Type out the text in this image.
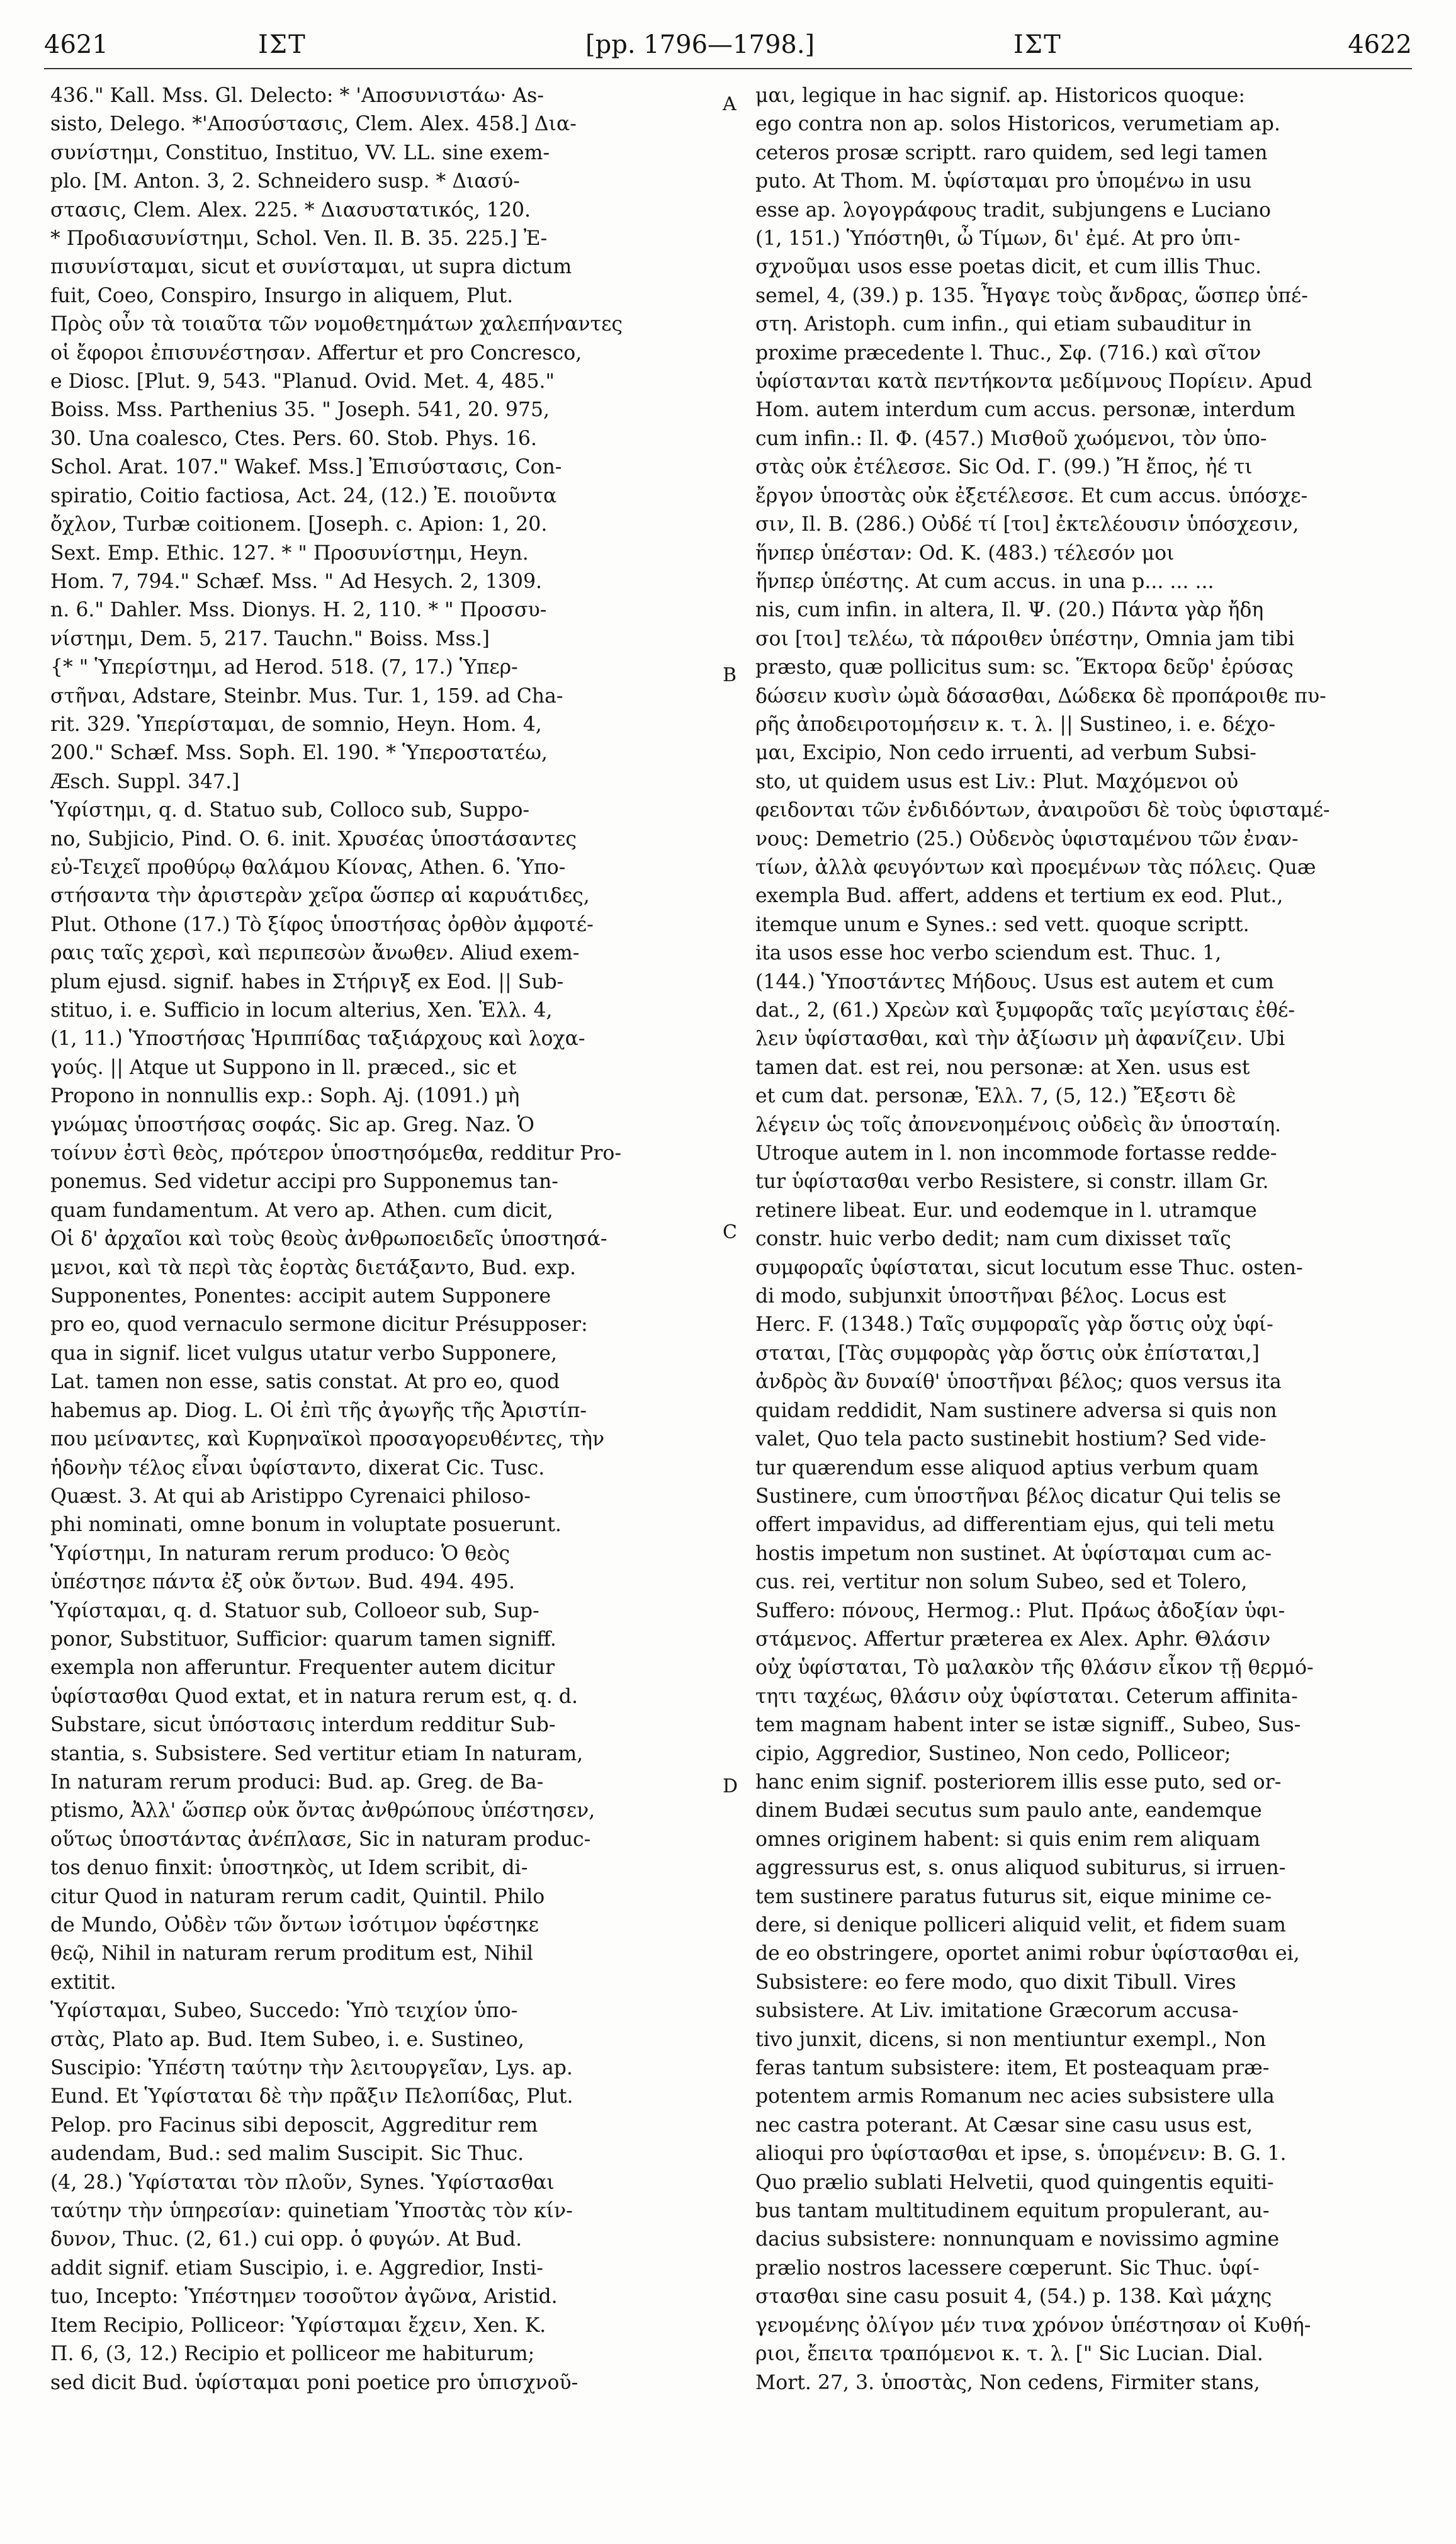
4621	ΙΣΤ	[pp. 1796—1798.]	ΙΣΤ	4622
A
B
C
D
436." Kall. Mss. Gl. Delecto: * 'Αποσυνιστάω· As-
sisto, Delego. *'Αποσύστασις, Clem. Alex. 458.] Δια-
συνίστημι, Constituo, Instituo, VV. LL. sine exem-
plo. [M. Anton. 3, 2. Schneidero susp. * Διασύ-
στασις, Clem. Alex. 225. * Διασυστατικός, 120.
* Προδιασυνίστημι, Schol. Ven. Il. B. 35. 225.] Ἐ-
πισυνίσταμαι, sicut et συνίσταμαι, ut supra dictum
fuit, Coeo, Conspiro, Insurgo in aliquem, Plut.
Πρὸς οὖν τὰ τοιαῦτα τῶν νομοθετημάτων χαλεπήναντες
οἱ ἔφοροι ἐπισυνέστησαν. Affertur et pro Concresco,
e Diosc. [Plut. 9, 543. "Planud. Ovid. Met. 4, 485."
Boiss. Mss. Parthenius 35. " Joseph. 541, 20. 975,
30. Una coalesco, Ctes. Pers. 60. Stob. Phys. 16.
Schol. Arat. 107." Wakef. Mss.] Ἐπισύστασις, Con-
spiratio, Coitio factiosa, Act. 24, (12.) Ἐ. ποιοῦντα
ὄχλον, Turbæ coitionem. [Joseph. c. Apion: 1, 20.
Sext. Emp. Ethic. 127. * " Προσυνίστημι, Heyn.
Hom. 7, 794." Schæf. Mss. " Ad Hesych. 2, 1309.
n. 6." Dahler. Mss. Dionys. H. 2, 110. * " Προσσυ-
νίστημι, Dem. 5, 217. Tauchn." Boiss. Mss.]
{* " Ὑπερίστημι, ad Herod. 518. (7, 17.) Ὑπερ-
στῆναι, Adstare, Steinbr. Mus. Tur. 1, 159. ad Cha-
rit. 329. Ὑπερίσταμαι, de somnio, Heyn. Hom. 4,
200." Schæf. Mss. Soph. El. 190. * Ὑπεροστατέω,
Æsch. Suppl. 347.]
Ὑφίστημι, q. d. Statuo sub, Colloco sub, Suppo-
no, Subjicio, Pind. O. 6. init. Χρυσέας ὑποστάσαντες
εὐ-Τειχεῖ προθύρῳ θαλάμου Κίονας, Athen. 6. Ὑπο-
στήσαντα τὴν ἀριστερὰν χεῖρα ὥσπερ αἱ καρυάτιδες,
Plut. Othone (17.) Τὸ ξίφος ὑποστήσας ὀρθὸν ἀμφοτέ-
ραις ταῖς χερσὶ, καὶ περιπεσὼν ἄνωθεν. Aliud exem-
plum ejusd. signif. habes in Στήριγξ ex Eod. || Sub-
stituo, i. e. Sufficio in locum alterius, Xen. Ἑλλ. 4,
(1, 11.) Ὑποστήσας Ἡριππίδας ταξιάρχους καὶ λοχα-
γούς. || Atque ut Suppono in ll. præced., sic et
Propono in nonnullis exp.: Soph. Aj. (1091.) μὴ
γνώμας ὑποστήσας σοφάς. Sic ap. Greg. Naz. Ὁ
τοίνυν ἐστὶ θεὸς, πρότερον ὑποστησόμεθα, redditur Pro-
ponemus. Sed videtur accipi pro Supponemus tan-
quam fundamentum. At vero ap. Athen. cum dicit,
Οἱ δ' ἀρχαῖοι καὶ τοὺς θεοὺς ἀνθρωποειδεῖς ὑποστησά-
μενοι, καὶ τὰ περὶ τὰς ἑορτὰς διετάξαντο, Bud. exp.
Supponentes, Ponentes: accipit autem Supponere
pro eo, quod vernaculo sermone dicitur Présupposer:
qua in signif. licet vulgus utatur verbo Supponere,
Lat. tamen non esse, satis constat. At pro eo, quod
habemus ap. Diog. L. Οἱ ἐπὶ τῆς ἀγωγῆς τῆς Ἀριστίπ-
που μείναντες, καὶ Κυρηναϊκοὶ προσαγορευθέντες, τὴν
ἡδονὴν τέλος εἶναι ὑφίσταντο, dixerat Cic. Tusc.
Quæst. 3. At qui ab Aristippo Cyrenaici philoso-
phi nominati, omne bonum in voluptate posuerunt.
Ὑφίστημι, In naturam rerum produco: Ὁ θεὸς
ὑπέστησε πάντα ἐξ οὐκ ὄντων. Bud. 494. 495.
Ὑφίσταμαι, q. d. Statuor sub, Colloeor sub, Sup-
ponor, Substituor, Sufficior: quarum tamen signiff.
exempla non afferuntur. Frequenter autem dicitur
ὑφίστασθαι Quod extat, et in natura rerum est, q. d.
Substare, sicut ὑπόστασις interdum redditur Sub-
stantia, s. Subsistere. Sed vertitur etiam In naturam,
In naturam rerum produci: Bud. ap. Greg. de Ba-
ptismo, Ἀλλ' ὥσπερ οὐκ ὄντας ἀνθρώπους ὑπέστησεν,
οὕτως ὑποστάντας ἀνέπλασε, Sic in naturam produc-
tos denuo finxit: ὑποστηκὸς, ut Idem scribit, di-
citur Quod in naturam rerum cadit, Quintil. Philo
de Mundo, Οὐδὲν τῶν ὄντων ἰσότιμον ὑφέστηκε
θεῷ, Nihil in naturam rerum proditum est, Nihil
extitit.
Ὑφίσταμαι, Subeo, Succedo: Ὑπὸ τειχίον ὑπο-
στὰς, Plato ap. Bud. Item Subeo, i. e. Sustineo,
Suscipio: Ὑπέστη ταύτην τὴν λειτουργεῖαν, Lys. ap.
Eund. Et Ὑφίσταται δὲ τὴν πρᾶξιν Πελοπίδας, Plut.
Pelop. pro Facinus sibi deposcit, Aggreditur rem
audendam, Bud.: sed malim Suscipit. Sic Thuc.
(4, 28.) Ὑφίσταται τὸν πλοῦν, Synes. Ὑφίστασθαι
ταύτην τὴν ὑπηρεσίαν: quinetiam Ὑποστὰς τὸν κίν-
δυνον, Thuc. (2, 61.) cui opp. ὁ φυγών. At Bud.
addit signif. etiam Suscipio, i. e. Aggredior, Insti-
tuo, Incepto: Ὑπέστημεν τοσοῦτον ἀγῶνα, Aristid.
Item Recipio, Polliceor: Ὑφίσταμαι ἔχειν, Xen. K.
Π. 6, (3, 12.) Recipio et polliceor me habiturum;
sed dicit Bud. ὑφίσταμαι poni poetice pro ὑπισχνοῦ-
μαι, legique in hac signif. ap. Historicos quoque:
ego contra non ap. solos Historicos, verumetiam ap.
ceteros prosæ scriptt. raro quidem, sed legi tamen
puto. At Thom. M. ὑφίσταμαι pro ὑπομένω in usu
esse ap. λογογράφους tradit, subjungens e Luciano
(1, 151.) Ὑπόστηθι, ὦ Τίμων, δι' ἐμέ. At pro ὑπι-
σχνοῦμαι usos esse poetas dicit, et cum illis Thuc.
semel, 4, (39.) p. 135. Ἦγαγε τοὺς ἄνδρας, ὥσπερ ὑπέ-
στη. Aristoph. cum infin., qui etiam subauditur in
proxime præcedente l. Thuc., Σφ. (716.) καὶ σῖτον
ὑφίστανται κατὰ πεντήκοντα μεδίμνους Πορίειν. Apud
Hom. autem interdum cum accus. personæ, interdum
cum infin.: Il. Φ. (457.) Μισθοῦ χωόμενοι, τὸν ὑπο-
στὰς οὐκ ἐτέλεσσε. Sic Od. Γ. (99.) Ἤ ἔπος, ἠέ τι
ἔργον ὑποστὰς οὐκ ἐξετέλεσσε. Et cum accus. ὑπόσχε-
σιν, Il. B. (286.) Οὐδέ τί [τοι] ἐκτελέουσιν ὑπόσχεσιν,
ἥνπερ ὑπέσταν: Od. K. (483.) τέλεσόν μοι
ἥνπερ ὑπέστης. At cum accus. in una p... ... ...
nis, cum infin. in altera, Il. Ψ. (20.) Πάντα γὰρ ἤδη
σοι [τοι] τελέω, τὰ πάροιθεν ὑπέστην, Omnia jam tibi
præsto, quæ pollicitus sum: sc. Ἕκτορα δεῦρ' ἐρύσας
δώσειν κυσὶν ὠμὰ δάσασθαι, Δώδεκα δὲ προπάροιθε πυ-
ρῆς ἀποδειροτομήσειν κ. τ. λ. || Sustineo, i. e. δέχο-
μαι, Excipio, Non cedo irruenti, ad verbum Subsi-
sto, ut quidem usus est Liv.: Plut. Μαχόμενοι οὐ
φειδονται τῶν ἐνδιδόντων, ἀναιροῦσι δὲ τοὺς ὑφισταμέ-
νους: Demetrio (25.) Οὐδενὸς ὑφισταμένου τῶν ἐναν-
τίων, ἀλλὰ φευγόντων καὶ προεμένων τὰς πόλεις. Quæ
exempla Bud. affert, addens et tertium ex eod. Plut.,
itemque unum e Synes.: sed vett. quoque scriptt.
ita usos esse hoc verbo sciendum est. Thuc. 1,
(144.) Ὑποστάντες Μήδους. Usus est autem et cum
dat., 2, (61.) Χρεὼν καὶ ξυμφορᾶς ταῖς μεγίσταις ἐθέ-
λειν ὑφίστασθαι, καὶ τὴν ἀξίωσιν μὴ ἀφανίζειν. Ubi
tamen dat. est rei, nou personæ: at Xen. usus est
et cum dat. personæ, Ἑλλ. 7, (5, 12.) Ἔξεστι δὲ
λέγειν ὡς τοῖς ἀπονενοημένοις οὐδεὶς ἂν ὑποσταίη.
Utroque autem in l. non incommode fortasse redde-
tur ὑφίστασθαι verbo Resistere, si constr. illam Gr.
retinere libeat. Eur. und eodemque in l. utramque
constr. huic verbo dedit; nam cum dixisset ταῖς
συμφοραῖς ὑφίσταται, sicut locutum esse Thuc. osten-
di modo, subjunxit ὑποστῆναι βέλος. Locus est
Herc. F. (1348.) Ταῖς συμφοραῖς γὰρ ὅστις οὐχ ὑφί-
σταται, [Τὰς συμφορὰς γὰρ ὅστις οὐκ ἐπίσταται,]
ἀνδρὸς ἂν δυναίθ' ὑποστῆναι βέλος; quos versus ita
quidam reddidit, Nam sustinere adversa si quis non
valet, Quo tela pacto sustinebit hostium? Sed vide-
tur quærendum esse aliquod aptius verbum quam
Sustinere, cum ὑποστῆναι βέλος dicatur Qui telis se
offert impavidus, ad differentiam ejus, qui teli metu
hostis impetum non sustinet. At ὑφίσταμαι cum ac-
cus. rei, vertitur non solum Subeo, sed et Tolero,
Suffero: πόνους, Hermog.: Plut. Πράως ἀδοξίαν ὑφι-
στάμενος. Affertur præterea ex Alex. Aphr. Θλάσιν
οὐχ ὑφίσταται, Τὸ μαλακὸν τῆς θλάσιν εἶκον τῇ θερμό-
τητι ταχέως, θλάσιν οὐχ ὑφίσταται. Ceterum affinita-
tem magnam habent inter se istæ signiff., Subeo, Sus-
cipio, Aggredior, Sustineo, Non cedo, Polliceor;
hanc enim signif. posteriorem illis esse puto, sed or-
dinem Budæi secutus sum paulo ante, eandemque
omnes originem habent: si quis enim rem aliquam
aggressurus est, s. onus aliquod subiturus, si irruen-
tem sustinere paratus futurus sit, eique minime ce-
dere, si denique polliceri aliquid velit, et fidem suam
de eo obstringere, oportet animi robur ὑφίστασθαι ei,
Subsistere: eo fere modo, quo dixit Tibull. Vires
subsistere. At Liv. imitatione Græcorum accusa-
tivo junxit, dicens, si non mentiuntur exempl., Non
feras tantum subsistere: item, Et posteaquam præ-
potentem armis Romanum nec acies subsistere ulla
nec castra poterant. At Cæsar sine casu usus est,
alioqui pro ὑφίστασθαι et ipse, s. ὑπομένειν: B. G. 1.
Quo prælio sublati Helvetii, quod quingentis equiti-
bus tantam multitudinem equitum propulerant, au-
dacius subsistere: nonnunquam e novissimo agmine
prælio nostros lacessere cœperunt. Sic Thuc. ὑφί-
στασθαι sine casu posuit 4, (54.) p. 138. Καὶ μάχης
γενομένης ὀλίγον μέν τινα χρόνον ὑπέστησαν οἱ Κυθή-
ριοι, ἔπειτα τραπόμενοι κ. τ. λ. [" Sic Lucian. Dial.
Mort. 27, 3. ὑποστὰς, Non cedens, Firmiter stans,
